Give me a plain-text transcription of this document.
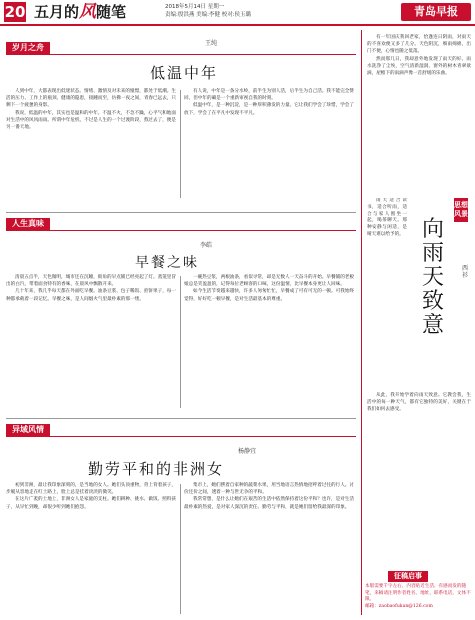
20 五月的风随笔	2018年5月14日 星期一
责编:殷洪燕 美编:李健 校对:侯玉璐	青岛早报
岁月之舟	王纯
低温中年

人到中年，大都表现出低迷状态。情绪、激情及对未来的憧憬，都处于低潮。生活的压力、工作上的瓶颈、健康的隐患，接踵而至，仿佛一夜之间，青春已远去，只剩下一个疲惫的身影。

我说，低温的中年，其实也是温和的中年。不温不火，不急不躁，心平气和地面对生活中的风风雨雨。所谓中年危机，不过是人生的一个过渡阶段，熬过去了，便是另一番天地。

有人说，中年是一条分水岭，前半生为别人活，后半生为自己活。我不能完全赞同，但中年的确是一个重新审视自我的时刻。

低温中年，是一种沉淀，是一种厚积薄发的力量。它让我们学会了珍惜，学会了放下，学会了在平凡中发现不平凡。

人生真味
李皓
早餐之味

清晨五点半，天色微明，城市还在沉睡，街角的早点铺已经亮起了灯。蒸笼里冒出的白汽，带着面食特有的香味，在晨风中飘散开来。

几十年来，我几乎每天都在外面吃早餐。油条豆浆、包子稀饭、煎饼果子，每一种都承载着一段记忆。早餐之味，是人间烟火气里最朴素的那一缕。

一碗热豆浆，两根油条，看似寻常，却是无数人一天奋斗的开始。早餐铺的老板娘总是笑盈盈的，记得每位老顾客的口味，这份温情，比早餐本身更让人回味。

如今生活节奏越来越快，许多人匆匆忙忙，早餐成了可有可无的一顿。可我始终觉得，好好吃一顿早餐，是对生活最基本的尊重。

异域风情
杨静宜
勤劳平和的非洲女

初到非洲，最让我印象深刻的，是当地的女人。她们头顶重物，背上背着孩子，步履从容地走在红土路上，脸上总是挂着淡淡的微笑。

在这片广袤的土地上，非洲女人是家庭的支柱。她们耕种、挑水、做饭、照料孩子，从早忙到晚，却很少听到她们抱怨。

集市上，她们摆着自家种的蔬菜水果，用当地语言热情地招呼着过往的行人。讨价还价之间，透着一种与世无争的平和。

我常常想，是什么让她们在艰苦的生活中依然保持着这份平和？也许，是对生活最朴素的热爱，是对家人深沉的责任。勤劳与平和，就是她们留给我最深的印象。

有一年国庆我回老家，恰逢连日阴雨，对雨天的不喜欢便又多了几分。天色阴沉，细雨绵绵，出门不便，心情也随之低落。

然而那几日，我却意外地发现了雨天的好。雨水洗净了尘埃，空气清新湿润，窗外的树木青翠欲滴，屋檐下的雨滴声像一首舒缓的乐曲。

雨天适合读书，适合听雨，适合与家人围坐一起，喝茶聊天。那种安静与闲适，是晴天难以给予的。

思想风景
向雨天致意
西衫

从此，我开始学着向雨天致意。它教会我，生活中的每一种天气，都有它独特的美好，关键在于我们如何去感受。

征稿启事
本版需要千字左右、内容贴近生活、有感而发的随笔，来稿请注明作者姓名、地址、联系电话，文体不限。
邮箱：zaobaofukan@126.com
